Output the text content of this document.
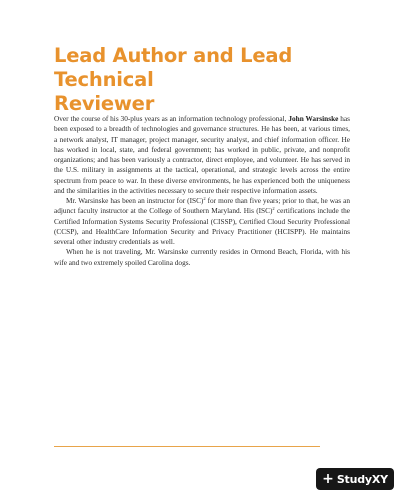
Lead Author and Lead Technical
Reviewer

Over the course of his 30-plus years as an information technology professional, John Warsinske has been exposed to a breadth of technologies and governance structures. He has been, at various times, a network analyst, IT manager, project manager, security analyst, and chief information officer. He has worked in local, state, and federal government; has worked in public, private, and nonprofit organizations; and has been variously a contractor, direct employee, and volunteer. He has served in the U.S. military in assignments at the tactical, operational, and strategic levels across the entire spectrum from peace to war. In these diverse environments, he has experienced both the uniqueness and the similarities in the activities necessary to secure their respective information assets.

Mr. Warsinske has been an instructor for (ISC)$^2$ for more than five years; prior to that, he was an adjunct faculty instructor at the College of Southern Maryland. His (ISC)$^2$ certifications include the Certified Information Systems Security Professional (CISSP), Certified Cloud Security Professional (CCSP), and HealthCare Information Security and Privacy Practitioner (HCISPP). He maintains several other industry credentials as well.

When he is not traveling, Mr. Warsinske currently resides in Ormond Beach, Florida, with his wife and two extremely spoiled Carolina dogs.

+ StudyXY
